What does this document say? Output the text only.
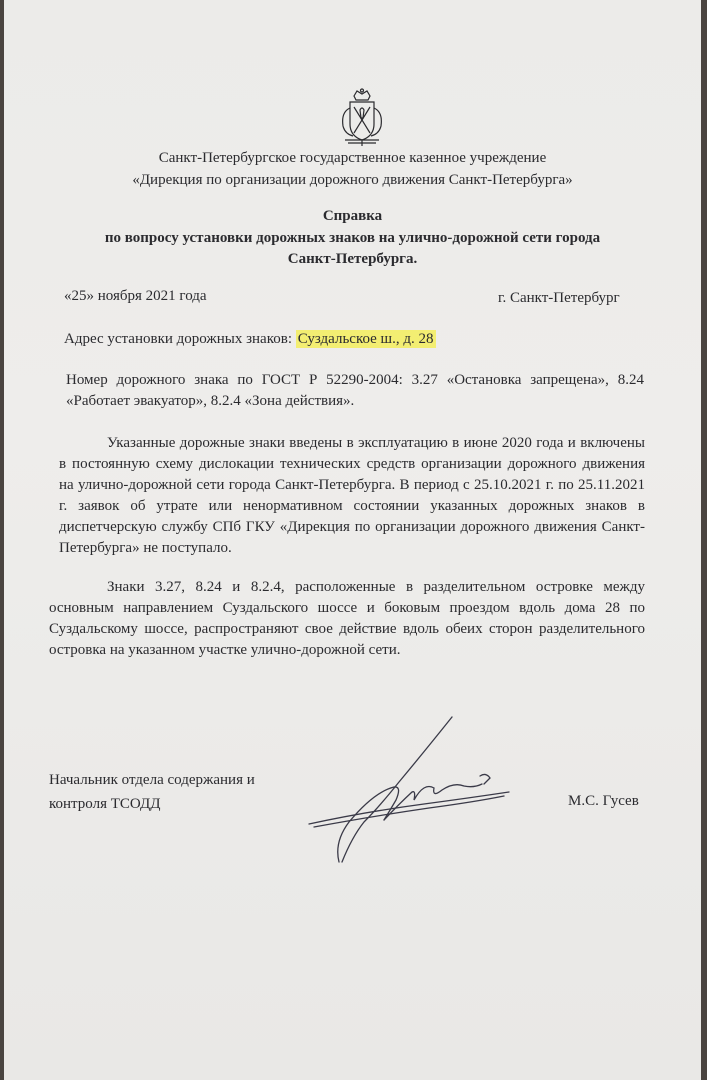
Санкт-Петербургское государственное казенное учреждение
«Дирекция по организации дорожного движения Санкт-Петербурга»
Справка
по вопросу установки дорожных знаков на улично-дорожной сети города
Санкт-Петербурга.
«25» ноября 2021 года	г. Санкт-Петербург
Адрес установки дорожных знаков: Суздальское ш., д. 28
Номер дорожного знака по ГОСТ Р 52290-2004: 3.27 «Остановка запрещена», 8.24 «Работает эвакуатор», 8.2.4 «Зона действия».
Указанные дорожные знаки введены в эксплуатацию в июне 2020 года и включены в постоянную схему дислокации технических средств организации дорожного движения на улично-дорожной сети города Санкт-Петербурга. В период с 25.10.2021 г. по 25.11.2021 г. заявок об утрате или ненормативном состоянии указанных дорожных знаков в диспетчерскую службу СПб ГКУ «Дирекция по организации дорожного движения Санкт-Петербурга» не поступало.
Знаки 3.27, 8.24 и 8.2.4, расположенные в разделительном островке между основным направлением Суздальского шоссе и боковым проездом вдоль дома 28 по Суздальскому шоссе, распространяют свое действие вдоль обеих сторон разделительного островка на указанном участке улично-дорожной сети.
Начальник отдела содержания и
контроля ТСОДД	М.С. Гусев
